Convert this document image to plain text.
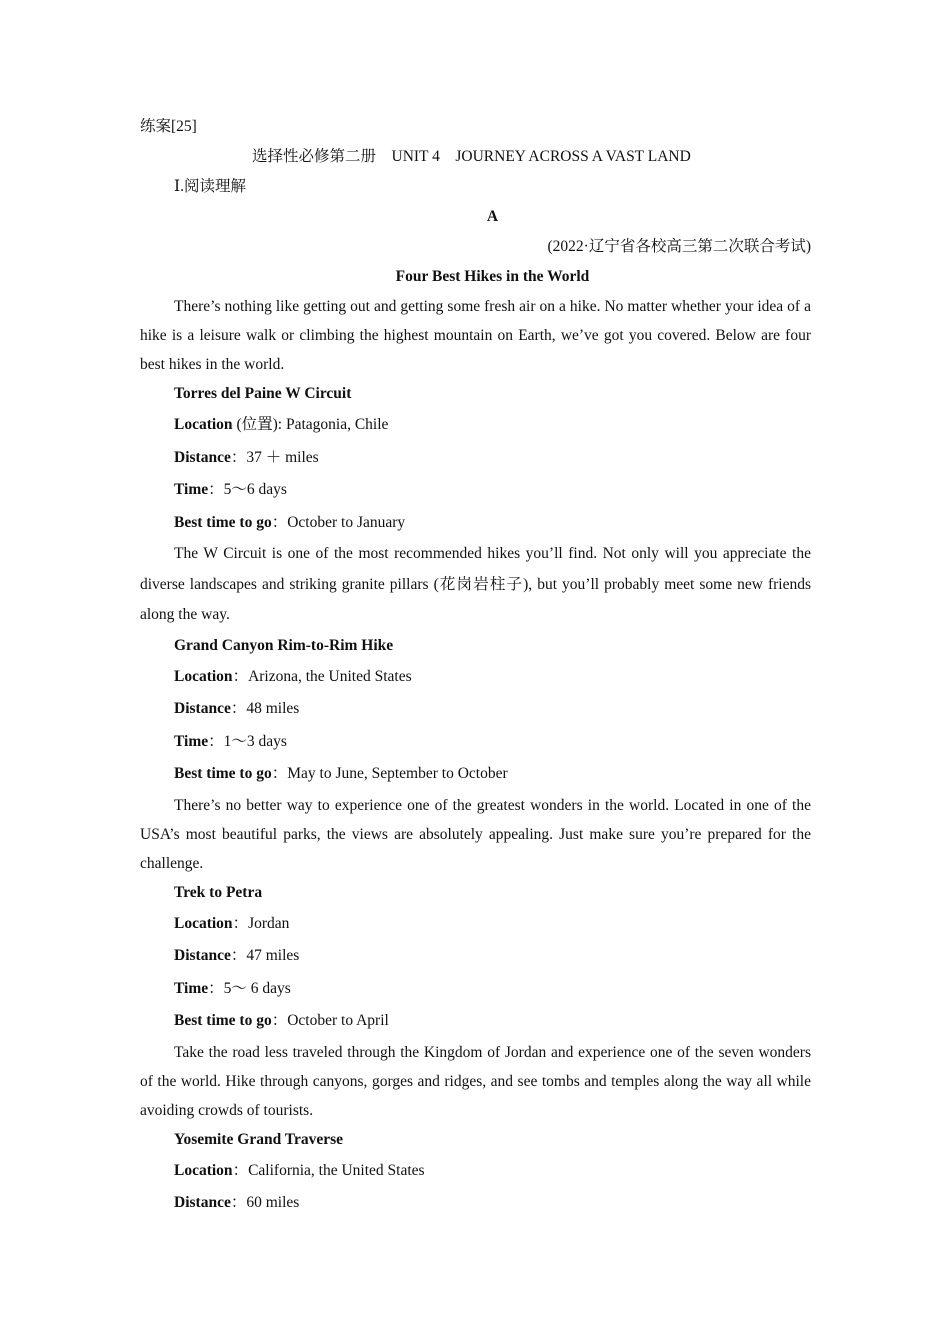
练案[25]
选择性必修第二册　UNIT 4　JOURNEY ACROSS A VAST LAND
Ⅰ.阅读理解
A
(2022·辽宁省各校高三第二次联合考试)
Four Best Hikes in the World

There’s nothing like getting out and getting some fresh air on a hike. No matter whether your idea of a hike is a leisure walk or climbing the highest mountain on Earth, we’ve got you covered. Below are four best hikes in the world.

Torres del Paine W Circuit
Location (位置): Patagonia, Chile
Distance：37 ＋ miles
Time：5～6 days
Best time to go：October to January

The W Circuit is one of the most recommended hikes you’ll find. Not only will you appreciate the diverse landscapes and striking granite pillars (花岗岩柱子), but you’ll probably meet some new friends along the way.

Grand Canyon Rim-to-Rim Hike
Location：Arizona, the United States
Distance：48 miles
Time：1～3 days
Best time to go：May to June, September to October

There’s no better way to experience one of the greatest wonders in the world. Located in one of the USA’s most beautiful parks, the views are absolutely appealing. Just make sure you’re prepared for the challenge.

Trek to Petra
Location：Jordan
Distance：47 miles
Time：5～ 6 days
Best time to go：October to April

Take the road less traveled through the Kingdom of Jordan and experience one of the seven wonders of the world. Hike through canyons, gorges and ridges, and see tombs and temples along the way all while avoiding crowds of tourists.

Yosemite Grand Traverse
Location：California, the United States
Distance：60 miles
